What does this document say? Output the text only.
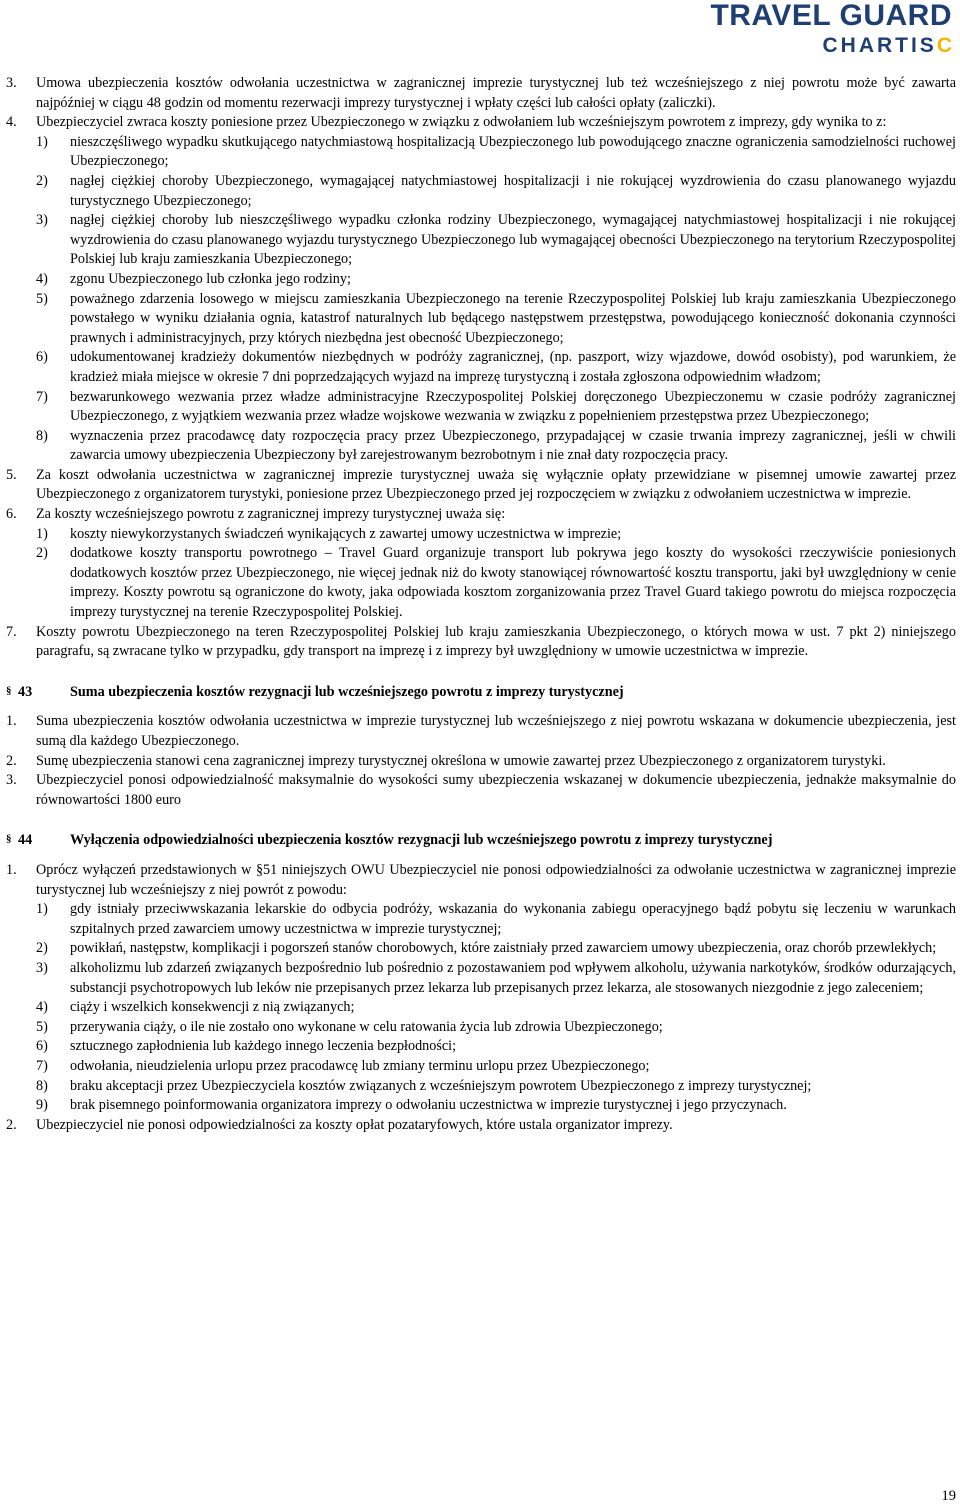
TRAVEL GUARD
CHARTISC
3. Umowa ubezpieczenia kosztów odwołania uczestnictwa w zagranicznej imprezie turystycznej lub też wcześniejszego z niej powrotu może być zawarta najpóźniej w ciągu 48 godzin od momentu rezerwacji imprezy turystycznej i wpłaty części lub całości opłaty (zaliczki).
4. Ubezpieczyciel zwraca koszty poniesione przez Ubezpieczonego w związku z odwołaniem lub wcześniejszym powrotem z imprezy, gdy wynika to z:
1) nieszczęśliwego wypadku skutkującego natychmiastową hospitalizacją Ubezpieczonego lub powodującego znaczne ograniczenia samodzielności ruchowej Ubezpieczonego;
2) nagłej ciężkiej choroby Ubezpieczonego, wymagającej natychmiastowej hospitalizacji i nie rokującej wyzdrowienia do czasu planowanego wyjazdu turystycznego Ubezpieczonego;
3) nagłej ciężkiej choroby lub nieszczęśliwego wypadku członka rodziny Ubezpieczonego, wymagającej natychmiastowej hospitalizacji i nie rokującej wyzdrowienia do czasu planowanego wyjazdu turystycznego Ubezpieczonego lub wymagającej obecności Ubezpieczonego na terytorium Rzeczypospolitej Polskiej lub kraju zamieszkania Ubezpieczonego;
4) zgonu Ubezpieczonego lub członka jego rodziny;
5) poważnego zdarzenia losowego w miejscu zamieszkania Ubezpieczonego na terenie Rzeczypospolitej Polskiej lub kraju zamieszkania Ubezpieczonego powstałego w wyniku działania ognia, katastrof naturalnych lub będącego następstwem przestępstwa, powodującego konieczność dokonania czynności prawnych i administracyjnych, przy których niezbędna jest obecność Ubezpieczonego;
6) udokumentowanej kradzieży dokumentów niezbędnych w podróży zagranicznej, (np. paszport, wizy wjazdowe, dowód osobisty), pod warunkiem, że kradzież miała miejsce w okresie 7 dni poprzedzających wyjazd na imprezę turystyczną i została zgłoszona odpowiednim władzom;
7) bezwarunkowego wezwania przez władze administracyjne Rzeczypospolitej Polskiej doręczonego Ubezpieczonemu w czasie podróży zagranicznej Ubezpieczonego, z wyjątkiem wezwania przez władze wojskowe wezwania w związku z popełnieniem przestępstwa przez Ubezpieczonego;
8) wyznaczenia przez pracodawcę daty rozpoczęcia pracy przez Ubezpieczonego, przypadającej w czasie trwania imprezy zagranicznej, jeśli w chwili zawarcia umowy ubezpieczenia Ubezpieczony był zarejestrowanym bezrobotnym i nie znał daty rozpoczęcia pracy.
5. Za koszt odwołania uczestnictwa w zagranicznej imprezie turystycznej uważa się wyłącznie opłaty przewidziane w pisemnej umowie zawartej przez Ubezpieczonego z organizatorem turystyki, poniesione przez Ubezpieczonego przed jej rozpoczęciem w związku z odwołaniem uczestnictwa w imprezie.
6. Za koszty wcześniejszego powrotu z zagranicznej imprezy turystycznej uważa się:
1) koszty niewykorzystanych świadczeń wynikających z zawartej umowy uczestnictwa w imprezie;
2) dodatkowe koszty transportu powrotnego – Travel Guard organizuje transport lub pokrywa jego koszty do wysokości rzeczywiście poniesionych dodatkowych kosztów przez Ubezpieczonego, nie więcej jednak niż do kwoty stanowiącej równowartość kosztu transportu, jaki był uwzględniony w cenie imprezy. Koszty powrotu są ograniczone do kwoty, jaka odpowiada kosztom zorganizowania przez Travel Guard takiego powrotu do miejsca rozpoczęcia imprezy turystycznej na terenie Rzeczypospolitej Polskiej.
7. Koszty powrotu Ubezpieczonego na teren Rzeczypospolitej Polskiej lub kraju zamieszkania Ubezpieczonego, o których mowa w ust. 7 pkt 2) niniejszego paragrafu, są zwracane tylko w przypadku, gdy transport na imprezę i z imprezy był uwzględniony w umowie uczestnictwa w imprezie.
§ 43	Suma ubezpieczenia kosztów rezygnacji lub wcześniejszego powrotu z imprezy turystycznej
1. Suma ubezpieczenia kosztów odwołania uczestnictwa w imprezie turystycznej lub wcześniejszego z niej powrotu wskazana w dokumencie ubezpieczenia, jest sumą dla każdego Ubezpieczonego.
2. Sumę ubezpieczenia stanowi cena zagranicznej imprezy turystycznej określona w umowie zawartej przez Ubezpieczonego z organizatorem turystyki.
3. Ubezpieczyciel ponosi odpowiedzialność maksymalnie do wysokości sumy ubezpieczenia wskazanej w dokumencie ubezpieczenia, jednakże maksymalnie do równowartości 1800 euro
§ 44	Wyłączenia odpowiedzialności ubezpieczenia kosztów rezygnacji lub wcześniejszego powrotu z imprezy turystycznej
1. Oprócz wyłączeń przedstawionych w §51 niniejszych OWU Ubezpieczyciel nie ponosi odpowiedzialności za odwołanie uczestnictwa w zagranicznej imprezie turystycznej lub wcześniejszy z niej powrót z powodu:
1) gdy istniały przeciwwskazania lekarskie do odbycia podróży, wskazania do wykonania zabiegu operacyjnego bądź pobytu się leczeniu w warunkach szpitalnych przed zawarciem umowy uczestnictwa w imprezie turystycznej;
2) powikłań, następstw, komplikacji i pogorszeń stanów chorobowych, które zaistniały przed zawarciem umowy ubezpieczenia, oraz chorób przewlekłych;
3) alkoholizmu lub zdarzeń związanych bezpośrednio lub pośrednio z pozostawaniem pod wpływem alkoholu, używania narkotyków, środków odurzających, substancji psychotropowych lub leków nie przepisanych przez lekarza lub przepisanych przez lekarza, ale stosowanych niezgodnie z jego zaleceniem;
4) ciąży i wszelkich konsekwencji z nią związanych;
5) przerywania ciąży, o ile nie zostało ono wykonane w celu ratowania życia lub zdrowia Ubezpieczonego;
6) sztucznego zapłodnienia lub każdego innego leczenia bezpłodności;
7) odwołania, nieudzielenia urlopu przez pracodawcę lub zmiany terminu urlopu przez Ubezpieczonego;
8) braku akceptacji przez Ubezpieczyciela kosztów związanych z wcześniejszym powrotem Ubezpieczonego z imprezy turystycznej;
9) brak pisemnego poinformowania organizatora imprezy o odwołaniu uczestnictwa w imprezie turystycznej i jego przyczynach.
2. Ubezpieczyciel nie ponosi odpowiedzialności za koszty opłat pozataryfowych, które ustala organizator imprezy.
19
